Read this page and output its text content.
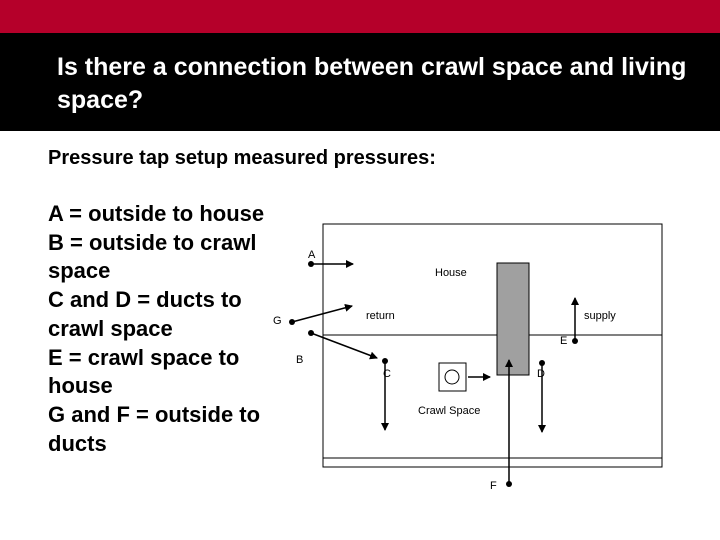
Is there a connection between crawl space and living space?
Pressure tap setup measured pressures:
A = outside to house
B = outside to crawl space
C and D = ducts to crawl space
E = crawl space to house
G and F = outside to ducts
A
House
G	return	supply
E
B
C	D
Crawl Space
F
